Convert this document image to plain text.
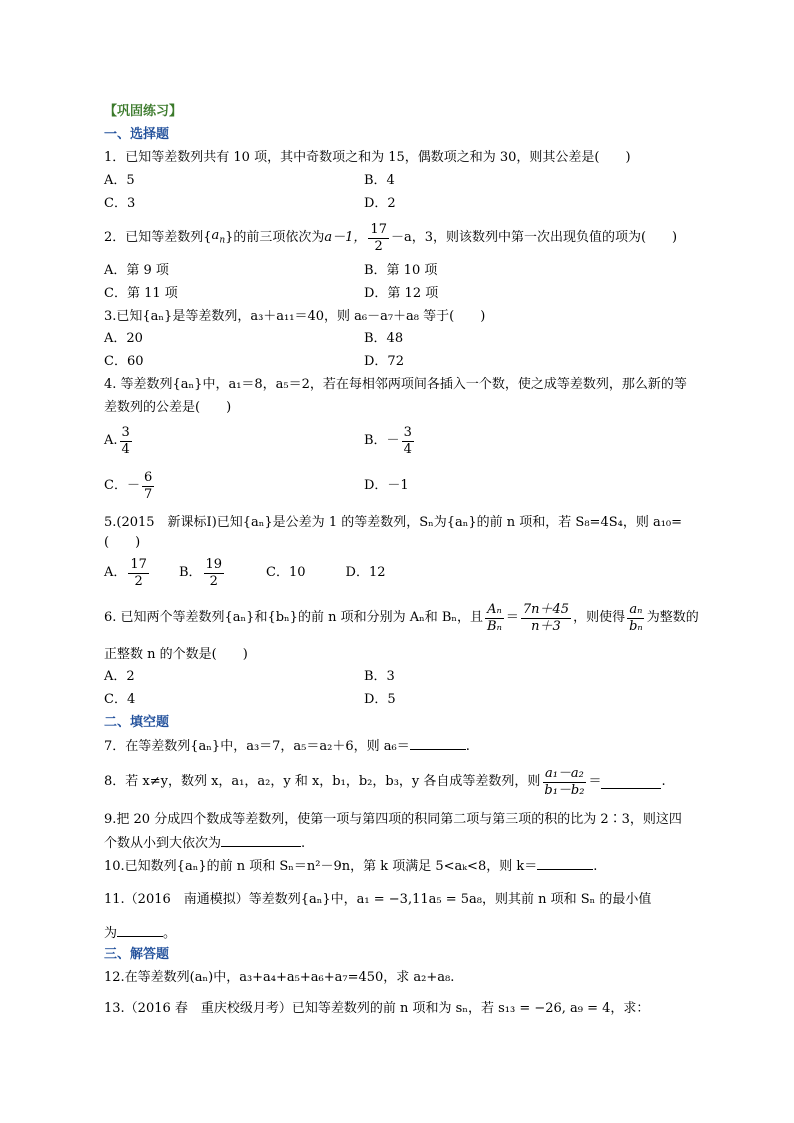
【巩固练习】
一、选择题
1．已知等差数列共有 10 项，其中奇数项之和为 15，偶数项之和为 30，则其公差是(　　)
A．5	B．4
C．3	D．2
2．已知等差数列{ $a_n$ }的前三项依次为 a－1， $\frac{17}{2} -a$，3，则该数列中第一次出现负值的项为(　　)
A．第 9 项	B．第 10 项
C．第 11 项	D．第 12 项
3.已知{aₙ}是等差数列，a₃＋a₁₁＝40，则 a₆－a₇＋a₈ 等于(　　)
A．20	B．48
C．60	D．72
4. 等差数列{aₙ}中，a₁＝8，a₅＝2，若在每相邻两项间各插入一个数，使之成等差数列，那么新的等
差数列的公差是(　　)
A. $\frac{3}{4}$	B．－ $\frac{3}{4}$
C．－ $\frac{6}{7}$	D．－1
5.(2015　新课标Ⅰ)已知{aₙ}是公差为 1 的等差数列，Sₙ为{aₙ}的前 n 项和，若 S₈=4S₄，则 a₁₀=
(　　)
A． $\frac{17}{2}$ B． $\frac{19}{2}$	C．10	D．12
6. 已知两个等差数列{aₙ}和{bₙ}的前 n 项和分别为 Aₙ和 Bₙ，且 $\frac{\text{Aₙ}}{\text{Bₙ}} = \frac{7n+45}{n+3}$ ，则使得 $\frac{\text{aₙ}}{\text{bₙ}}$ 为整数的
正整数 n 的个数是(　　)
A．2	B．3
C．4	D．5
二、填空题
7．在等差数列{aₙ}中，a₃＝7，a₅＝a₂＋6，则 a₆＝	.
8．若 x≠y，数列 x，a₁，a₂，y 和 x，b₁，b₂，b₃，y 各自成等差数列，则 $\frac{\text{a₁－a₂}}{\text{b₁－b₂}}$ ＝	.
9.把 20 分成四个数成等差数列，使第一项与第四项的积同第二项与第三项的积的比为 2∶3，则这四
个数从小到大依次为	.
10.已知数列{aₙ}的前 n 项和 Sₙ＝n²－9n，第 k 项满足 5<aₖ<8，则 k＝	.
11.（2016　南通模拟）等差数列{aₙ}中，a₁ = −3,11a₅ = 5a₈，则其前 n 项和 Sₙ 的最小值
为	。
三、解答题
12.在等差数列(aₙ)中，a₃+a₄+a₅+a₆+a₇=450，求 a₂+a₈.
13.（2016 春　重庆校级月考）已知等差数列的前 n 项和为 sₙ，若 s₁₃ = −26, a₉ = 4，求：
